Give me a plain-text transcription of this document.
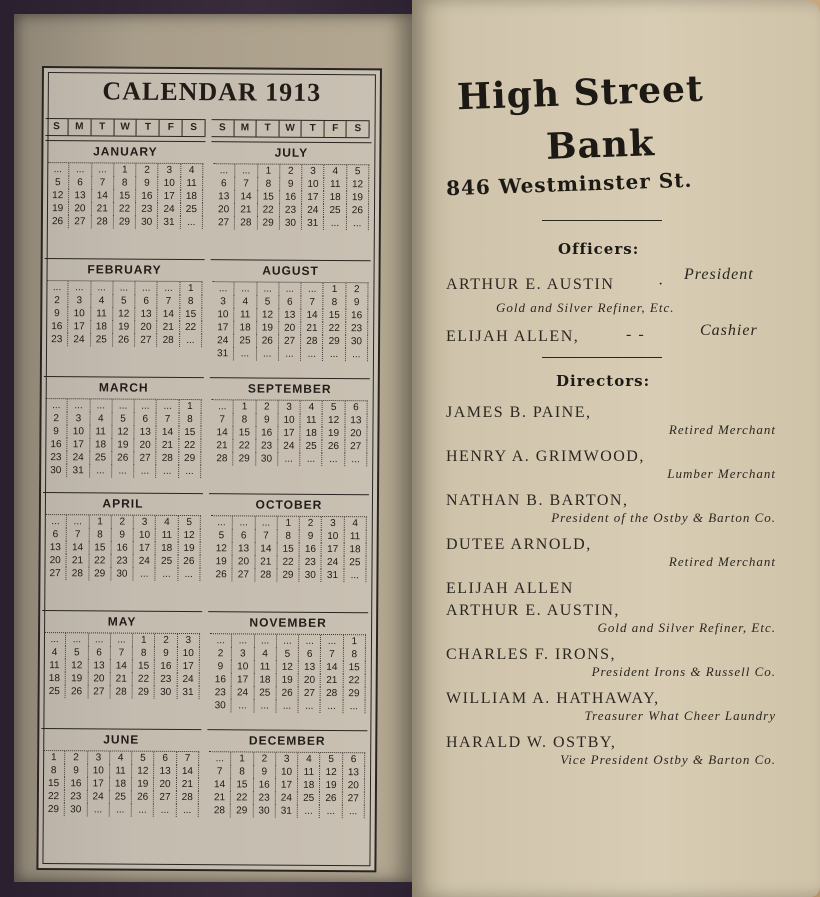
CALENDAR 1913
S	M	T	W	T	F	S	S	M	T	W	T	F	S
JANUARY
...	...	...	1	2	3	4
5	6	7	8	9	10	11
12	13	14	15	16	17	18
19	20	21	22	23	24	25
26	27	28	29	30	31	...
FEBRUARY
...	...	...	...	...	...	1
2	3	4	5	6	7	8
9	10	11	12	13	14	15
16	17	18	19	20	21	22
23	24	25	26	27	28	...
MARCH
...	...	...	...	...	...	1
2	3	4	5	6	7	8
9	10	11	12	13	14	15
16	17	18	19	20	21	22
23	24	25	26	27	28	29
30	31	...	...	...	...	...
APRIL
...	...	1	2	3	4	5
6	7	8	9	10	11	12
13	14	15	16	17	18	19
20	21	22	23	24	25	26
27	28	29	30	...	...	...
MAY
...	...	...	...	1	2	3
4	5	6	7	8	9	10
11	12	13	14	15	16	17
18	19	20	21	22	23	24
25	26	27	28	29	30	31
JUNE
1	2	3	4	5	6	7
8	9	10	11	12	13	14
15	16	17	18	19	20	21
22	23	24	25	26	27	28
29	30	...	...	...	...	...
JULY
...	...	1	2	3	4	5
6	7	8	9	10	11	12
13	14	15	16	17	18	19
20	21	22	23	24	25	26
27	28	29	30	31	...	...
AUGUST
...	...	...	...	...	1	2
3	4	5	6	7	8	9
10	11	12	13	14	15	16
17	18	19	20	21	22	23
24	25	26	27	28	29	30
31	...	...	...	...	...	...
SEPTEMBER
...	1	2	3	4	5	6
7	8	9	10	11	12	13
14	15	16	17	18	19	20
21	22	23	24	25	26	27
28	29	30	...	...	...	...
OCTOBER
...	...	...	1	2	3	4
5	6	7	8	9	10	11
12	13	14	15	16	17	18
19	20	21	22	23	24	25
26	27	28	29	30	31	...
NOVEMBER
...	...	...	...	...	...	1
2	3	4	5	6	7	8
9	10	11	12	13	14	15
16	17	18	19	20	21	22
23	24	25	26	27	28	29
30	...	...	...	...	...	...
DECEMBER
...	1	2	3	4	5	6
7	8	9	10	11	12	13
14	15	16	17	18	19	20
21	22	23	24	25	26	27
28	29	30	31	...	...	...
High Street
Bank
846 Westminster St.
Officers:
ARTHUR E. AUSTIN	·
President
Gold and Silver Refiner, Etc.
ELIJAH ALLEN,	- -	Cashier
Directors:
JAMES B. PAINE,
Retired Merchant
HENRY A. GRIMWOOD,
Lumber Merchant
NATHAN B. BARTON,
President of the Ostby & Barton Co.
DUTEE ARNOLD,
Retired Merchant
ELIJAH ALLEN
ARTHUR E. AUSTIN,
Gold and Silver Refiner, Etc.
CHARLES F. IRONS,
President Irons & Russell Co.
WILLIAM A. HATHAWAY,
Treasurer What Cheer Laundry
HARALD W. OSTBY,
Vice President Ostby & Barton Co.
